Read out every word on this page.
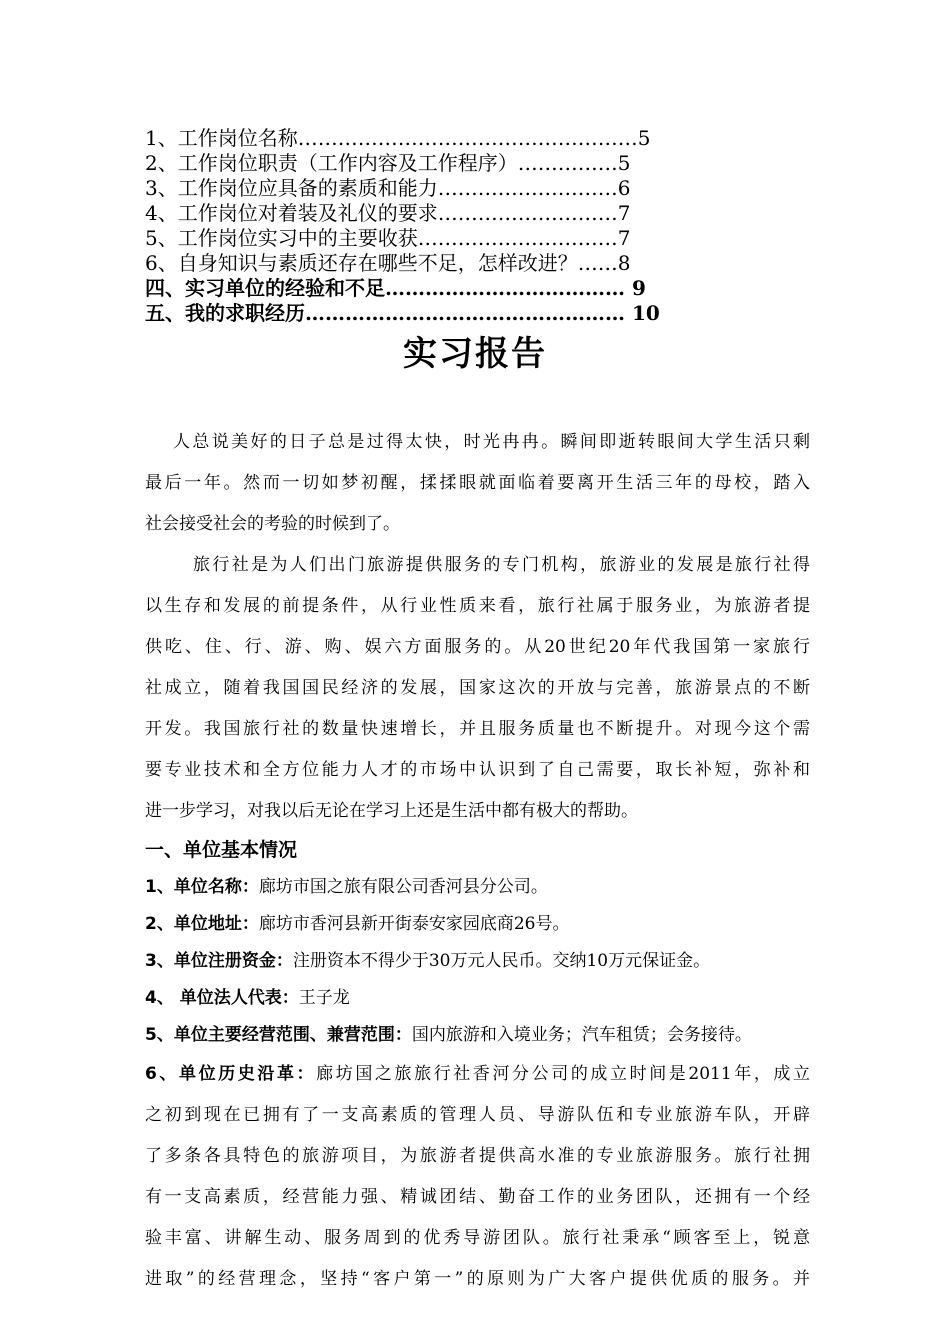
1、工作岗位名称……………………………………………5
2、工作岗位职责（工作内容及工作程序）……………5
3、工作岗位应具备的素质和能力………………………6
4、工作岗位对着装及礼仪的要求………………………7
5、工作岗位实习中的主要收获…………………………7
6、自身知识与素质还存在哪些不足，怎样改进？……8
四、实习单位的经验和不足……………………………… 9
五、我的求职经历………………………………………… 10
实习报告
人总说美好的日子总是过得太快，时光冉冉。瞬间即逝转眼间大学生活只剩
最后一年。然而一切如梦初醒，揉揉眼就面临着要离开生活三年的母校，踏入
社会接受社会的考验的时候到了。
旅行社是为人们出门旅游提供服务的专门机构，旅游业的发展是旅行社得
以生存和发展的前提条件，从行业性质来看，旅行社属于服务业，为旅游者提
供吃、住、行、游、购、娱六方面服务的。从20世纪20年代我国第一家旅行
社成立，随着我国国民经济的发展，国家这次的开放与完善，旅游景点的不断
开发。我国旅行社的数量快速增长，并且服务质量也不断提升。对现今这个需
要专业技术和全方位能力人才的市场中认识到了自己需要，取长补短，弥补和
进一步学习，对我以后无论在学习上还是生活中都有极大的帮助。
一、单位基本情况
1、单位名称：廊坊市国之旅有限公司香河县分公司。
2、单位地址：廊坊市香河县新开街泰安家园底商26号。
3、单位注册资金：注册资本不得少于30万元人民币。交纳10万元保证金。
4、 单位法人代表：王子龙
5、单位主要经营范围、兼营范围：国内旅游和入境业务；汽车租赁；会务接待。
6、单位历史沿革：廊坊国之旅旅行社香河分公司的成立时间是2011年，成立
之初到现在已拥有了一支高素质的管理人员、导游队伍和专业旅游车队，开辟
了多条各具特色的旅游项目，为旅游者提供高水准的专业旅游服务。旅行社拥
有一支高素质，经营能力强、精诚团结、勤奋工作的业务团队，还拥有一个经
验丰富、讲解生动、服务周到的优秀导游团队。旅行社秉承“顾客至上，锐意
进取”的经营理念，坚持“客户第一”的原则为广大客户提供优质的服务。并
